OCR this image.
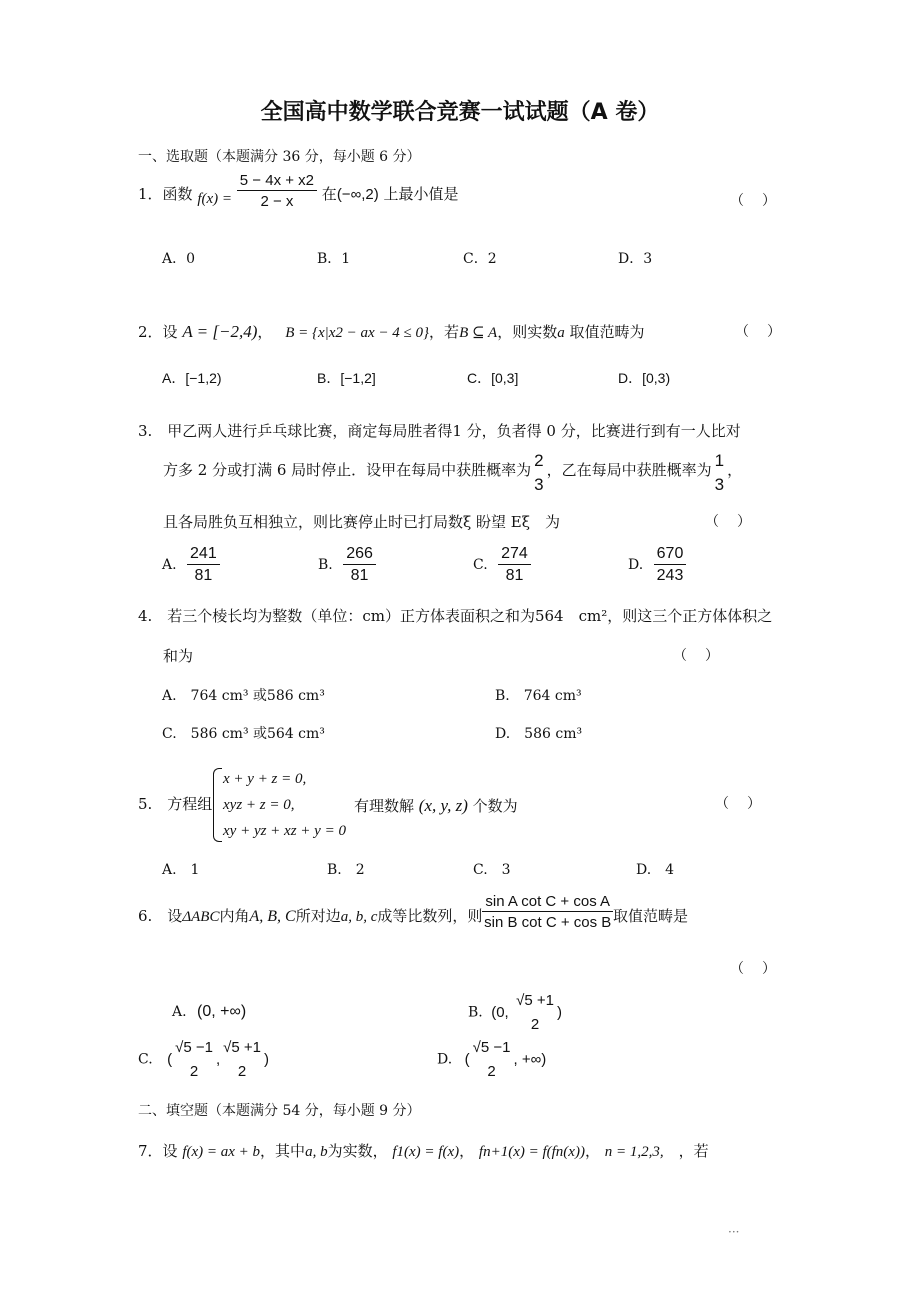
全国高中数学联合竞赛一试试题（A 卷）
一、选取题（本题满分 36 分，每小题 6 分）
1．函数 $f(x) = \frac{5 - 4x + x2}{2 - x}$ 在(−∞,2) 上最小值是	（　）
A．0	B．1	C．2	D．3
2．设 A = [−2,4)， B = {x|x2 − ax − 4 ≤ 0}，若B ⊆ A，则实数a 取值范畴为	（　）
A．[−1,2)	B．[−1,2]	C．[0,3]	D．[0,3)
3.　甲乙两人进行乒乓球比赛，商定每局胜者得1 分，负者得 0 分，比赛进行到有一人比对
方多 2 分或打满 6 局时停止．设甲在每局中获胜概率为 2
3
，乙在每局中获胜概率为 1
3
，
且各局胜负互相独立，则比赛停止时已打局数ξ 盼望 Eξ　为	（　）
A. $\frac{241}{81}$	B. $\frac{266}{81}$	C. $\frac{274}{81}$	D. $\frac{670}{243}$
4.　若三个棱长均为整数（单位：cm）正方体表面积之和为564　cm²，则这三个正方体体积之
和为	（　）
A.　764 cm³ 或586 cm³	B.　764 cm³
C.　586 cm³ 或564 cm³	D.　586 cm³
5.　方程组
x + y + z = 0,
xyz + z = 0,
xy + yz + xz + y = 0
有理数解 (x, y, z) 个数为	（　）
A.　1	B.　2	C.　3	D.　4
6.　设ΔABC内角A, B, C所对边a, b, c成等比数列，则 $\frac{\text{sin A cot C + cos A}}{\text{sin B cot C + cos B}}$ 取值范畴是
（　）
A. (0, +∞)	B. (0,
√5 +1
2
)
C. (
√5 −1
2
,
√5 +1
2
)	D. (
√5 −1
2
, +∞)
二、填空题（本题满分 54 分，每小题 9 分）
7．设 f(x) = ax + b，其中a, b为实数， f1(x) = f(x)， fn+1(x) = f(fn(x))， n = 1,2,3,　，若
···
